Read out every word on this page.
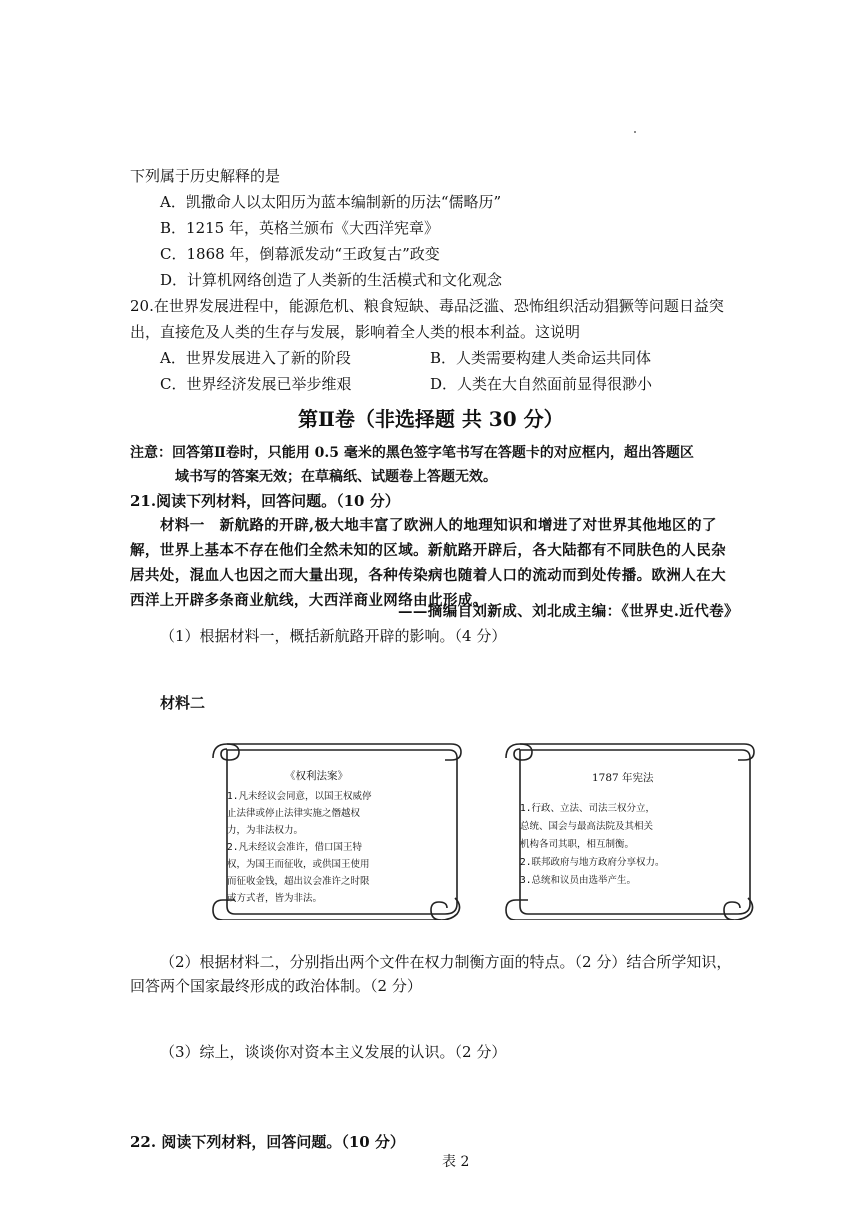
下列属于历史解释的是
A．凯撒命人以太阳历为蓝本编制新的历法“儒略历”
B．1215 年，英格兰颁布《大西洋宪章》
C．1868 年，倒幕派发动“王政复古”政变
D．计算机网络创造了人类新的生活模式和文化观念
20.在世界发展进程中，能源危机、粮食短缺、毒品泛滥、恐怖组织活动猖獗等问题日益突
出，直接危及人类的生存与发展，影响着全人类的根本利益。这说明
A．世界发展进入了新的阶段	B．人类需要构建人类命运共同体
C．世界经济发展已举步维艰	D．人类在大自然面前显得很渺小
第Ⅱ卷（非选择题 共 30 分）
注意：回答第Ⅱ卷时，只能用 0.5 毫米的黑色签字笔书写在答题卡的对应框内，超出答题区
域书写的答案无效；在草稿纸、试题卷上答题无效。
21.阅读下列材料，回答问题。（10 分）
材料一　新航路的开辟,极大地丰富了欧洲人的地理知识和增进了对世界其他地区的了
解，世界上基本不存在他们全然未知的区域。新航路开辟后，各大陆都有不同肤色的人民杂
居共处，混血人也因之而大量出现，各种传染病也随着人口的流动而到处传播。欧洲人在大
西洋上开辟多条商业航线，大西洋商业网络由此形成。
——摘编自刘新成、刘北成主编：《世界史.近代卷》
（1）根据材料一，概括新航路开辟的影响。（4 分）
材料二
《权利法案》
1.凡未经议会同意，以国王权威停
止法律或停止法律实施之僭越权
力，为非法权力。
2.凡未经议会准许，借口国王特
权，为国王而征收，或供国王使用
而征收金钱，超出议会准许之时限
或方式者，皆为非法。
1787 年宪法
1.行政、立法、司法三权分立，
总统、国会与最高法院及其相关
机构各司其职，相互制衡。
2.联邦政府与地方政府分享权力。
3.总统和议员由选举产生。
（2）根据材料二，分别指出两个文件在权力制衡方面的特点。（2 分）结合所学知识，
回答两个国家最终形成的政治体制。（2 分）
（3）综上，谈谈你对资本主义发展的认识。（2 分）
22. 阅读下列材料，回答问题。（10 分）
表 2
